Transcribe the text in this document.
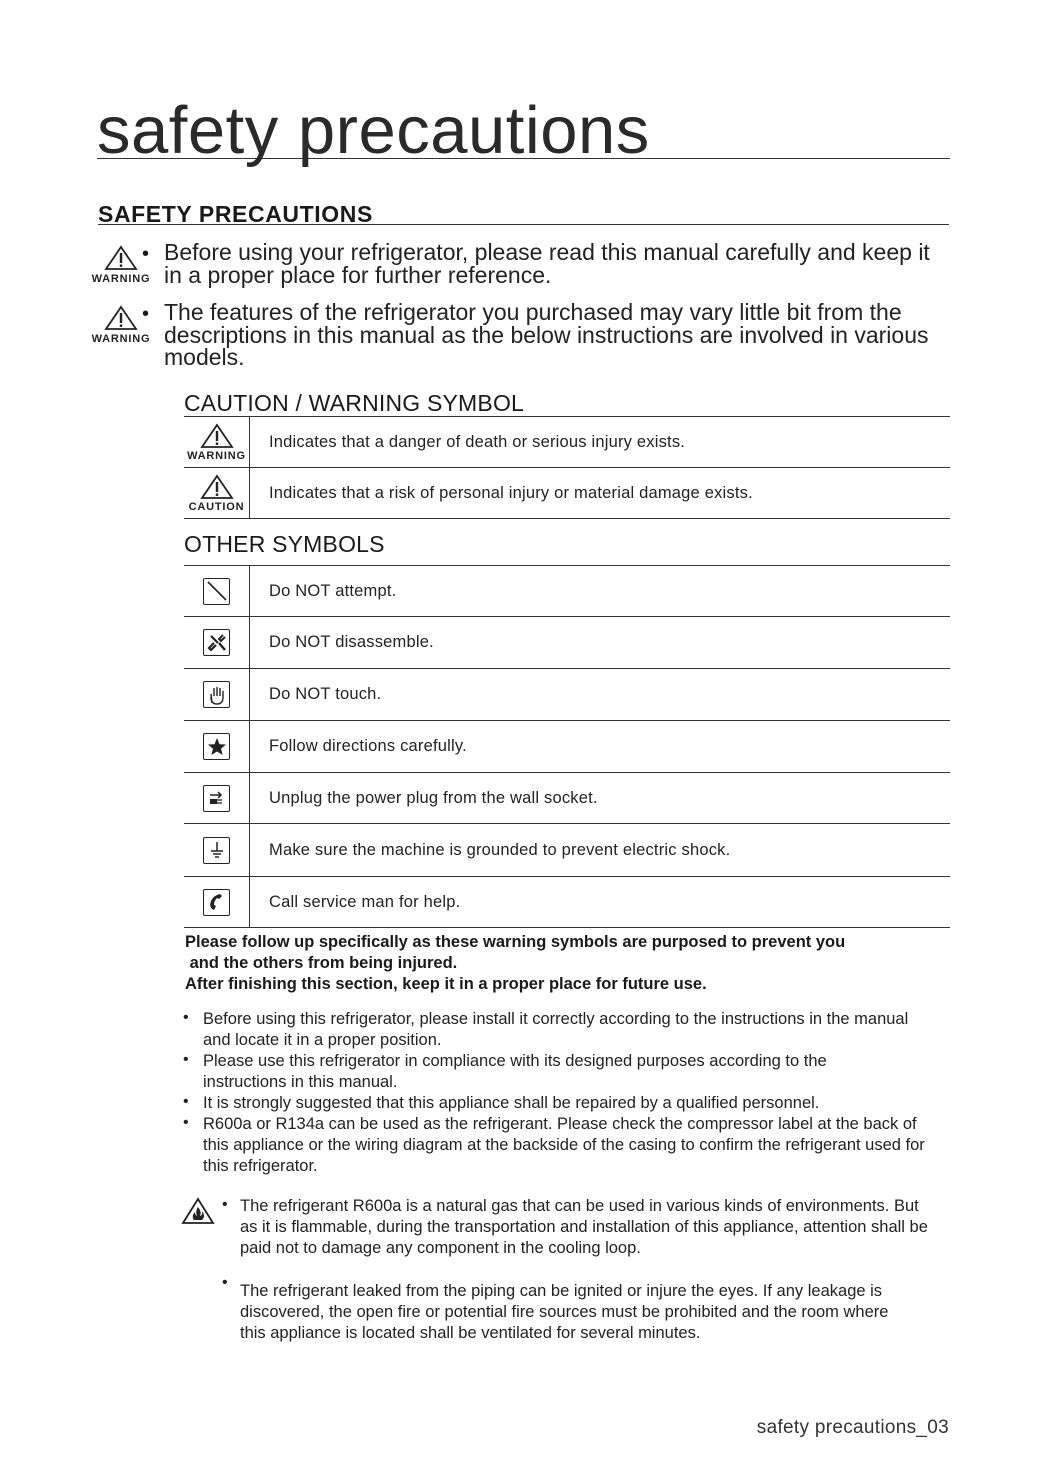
safety precautions
SAFETY PRECAUTIONS
WARNING
• Before using your refrigerator, please read this manual carefully and keep it in a proper place for further reference.
WARNING
• The features of the refrigerator you purchased may vary little bit from the descriptions in this manual as the below instructions are involved in various models.
CAUTION / WARNING SYMBOL
WARNING
Indicates that a danger of death or serious injury exists.
CAUTION
Indicates that a risk of personal injury or material damage exists.
OTHER SYMBOLS
Do NOT attempt.
Do NOT disassemble.
Do NOT touch.
Follow directions carefully.
Unplug the power plug from the wall socket.
Make sure the machine is grounded to prevent electric shock.
Call service man for help.
Please follow up specifically as these warning symbols are purposed to prevent you
and the others from being injured.
After finishing this section, keep it in a proper place for future use.
• Before using this refrigerator, please install it correctly according to the instructions in the manual and locate it in a proper position.
• Please use this refrigerator in compliance with its designed purposes according to the instructions in this manual.
• It is strongly suggested that this appliance shall be repaired by a qualified personnel.
• R600a or R134a can be used as the refrigerant. Please check the compressor label at the back of this appliance or the wiring diagram at the backside of the casing to confirm the refrigerant used for this refrigerator.
• The refrigerant R600a is a natural gas that can be used in various kinds of environments. But as it is flammable, during the transportation and installation of this appliance, attention shall be paid not to damage any component in the cooling loop.
• The refrigerant leaked from the piping can be ignited or injure the eyes. If any leakage is discovered, the open fire or potential fire sources must be prohibited and the room where this appliance is located shall be ventilated for several minutes.
safety precautions_03
